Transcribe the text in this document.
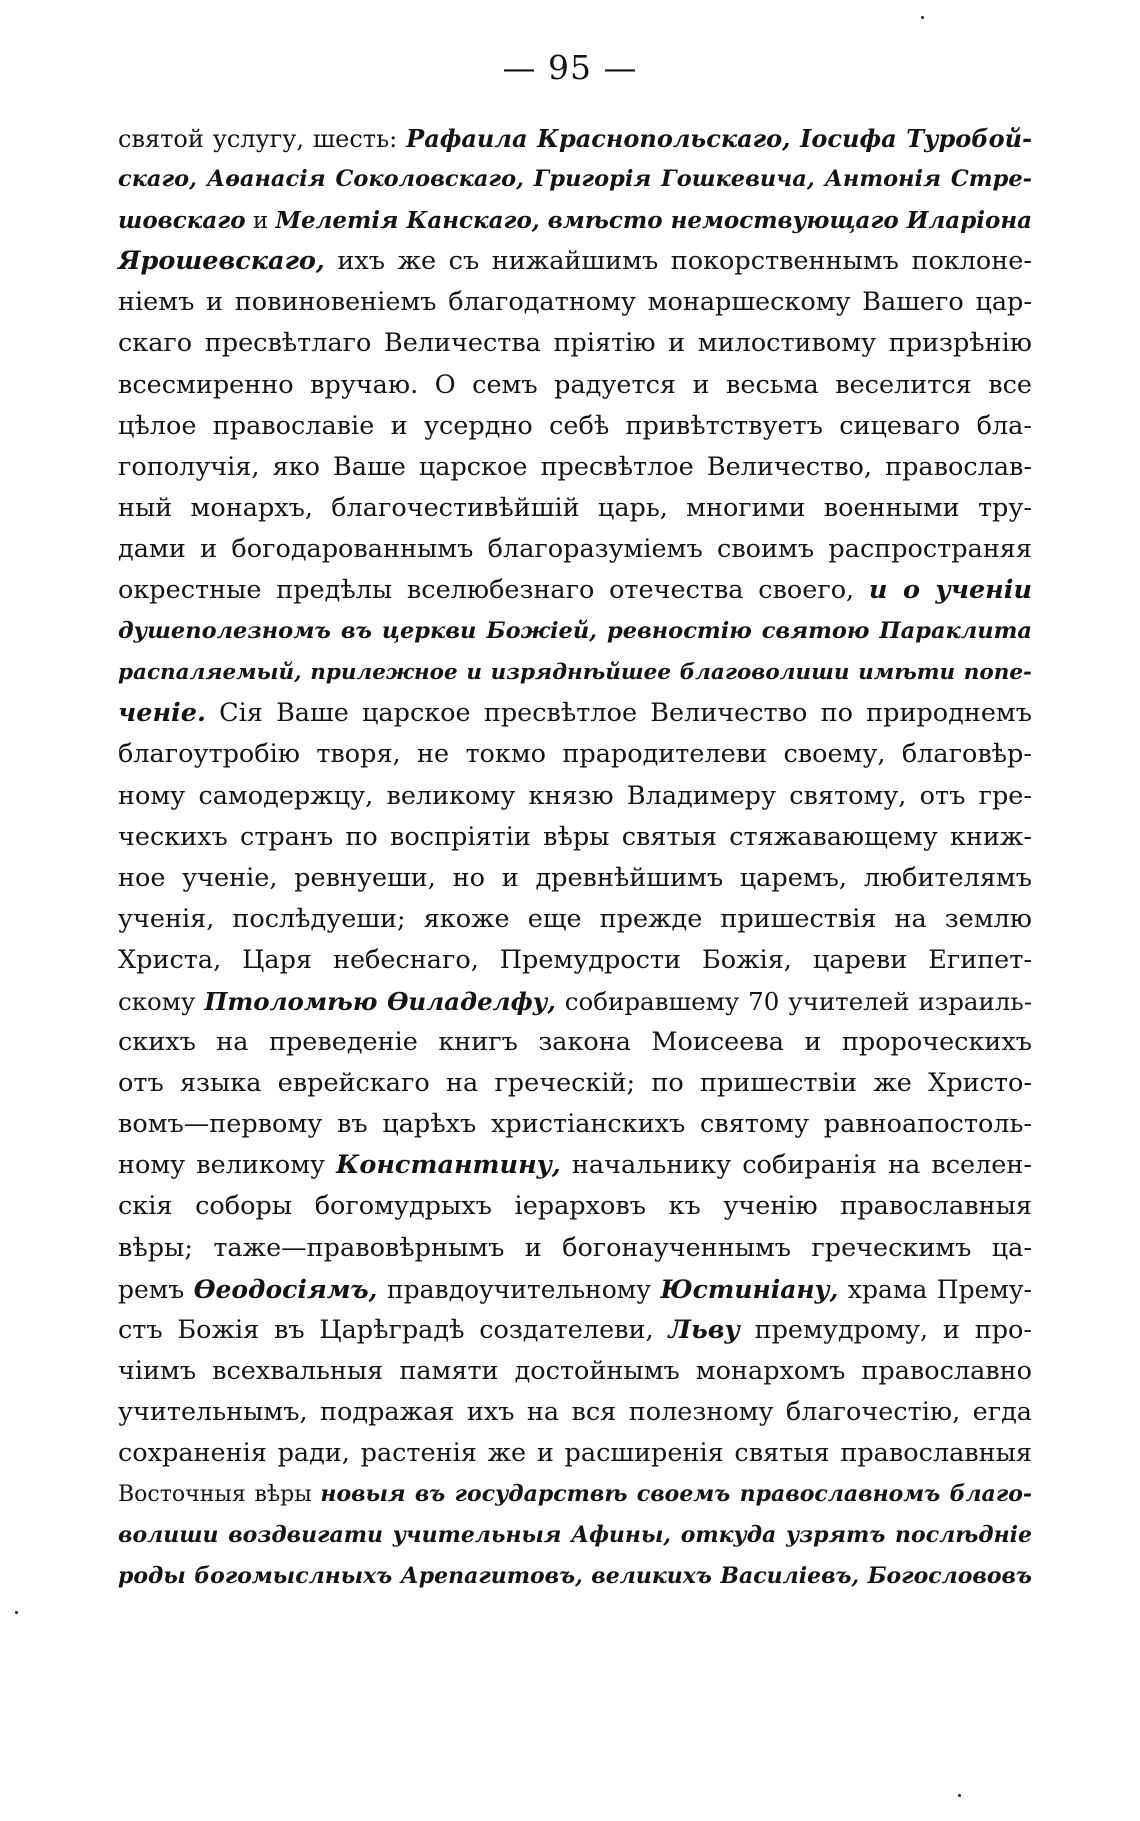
— 95 —
святой услугу, шесть: Рафаила Краснопольскаго, Iосифа Туробой-
скаго, Аѳанасія Соколовскаго, Григорія Гошкевича, Антонія Стре-
шовскаго и Мелетія Канскаго, вмѣсто немоствующаго Иларіона
Ярошевскаго, ихъ же съ нижайшимъ покорственнымъ поклоне-
ніемъ и повиновеніемъ благодатному монаршескому Вашего цар-
скаго пресвѣтлаго Величества пріятію и милостивому призрѣнію
всесмиренно вручаю. О семъ радуется и весьма веселится все
цѣлое православіе и усердно себѣ привѣтствуетъ сицеваго бла-
гополучія, яко Ваше царское пресвѣтлое Величество, православ-
ный монархъ, благочестивѣйшій царь, многими военными тру-
дами и богодарованнымъ благоразуміемъ своимъ распространяя
окрестные предѣлы вселюбезнаго отечества своего, и о ученіи
душеполезномъ въ церкви Божіей, ревностію святою Параклита
распаляемый, прилежное и изряднѣйшее благоволиши имѣти попе-
ченіе. Сія Ваше царское пресвѣтлое Величество по природнемъ
благоутробію творя, не токмо прародителеви своему, благовѣр-
ному самодержцу, великому князю Владимеру святому, отъ гре-
ческихъ странъ по воспріятіи вѣры святыя стяжавающему книж-
ное ученіе, ревнуеши, но и древнѣйшимъ царемъ, любителямъ
ученія, послѣдуеши; якоже еще прежде пришествія на землю
Христа, Царя небеснаго, Премудрости Божія, цареви Египет-
скому Птоломѣю Ѳиладелфу, собиравшему 70 учителей израиль-
скихъ на преведеніе книгъ закона Моисеева и пророческихъ
отъ языка еврейскаго на греческій; по пришествіи же Христо-
вомъ—первому въ царѣхъ христіанскихъ святому равноапостоль-
ному великому Константину, начальнику собиранія на вселен-
скія соборы богомудрыхъ іерарховъ къ ученію православныя
вѣры; таже—правовѣрнымъ и богонаученнымъ греческимъ ца-
ремъ Ѳеодосіямъ, правдоучительному Юстиніану, храма Прему-
стъ Божія въ Царѣградѣ создателеви, Льву премудрому, и про-
чіимъ всехвальныя памяти достойнымъ монархомъ православно
учительнымъ, подражая ихъ на вся полезному благочестію, егда
сохраненія ради, растенія же и расширенія святыя православныя
Восточныя вѣры новыя въ государствѣ своемъ православномъ благо-
волиши воздвигати учительныя Афины, откуда узрятъ послѣдніе
роды богомыслныхъ Арепагитовъ, великихъ Василіевъ, Богослововъ
